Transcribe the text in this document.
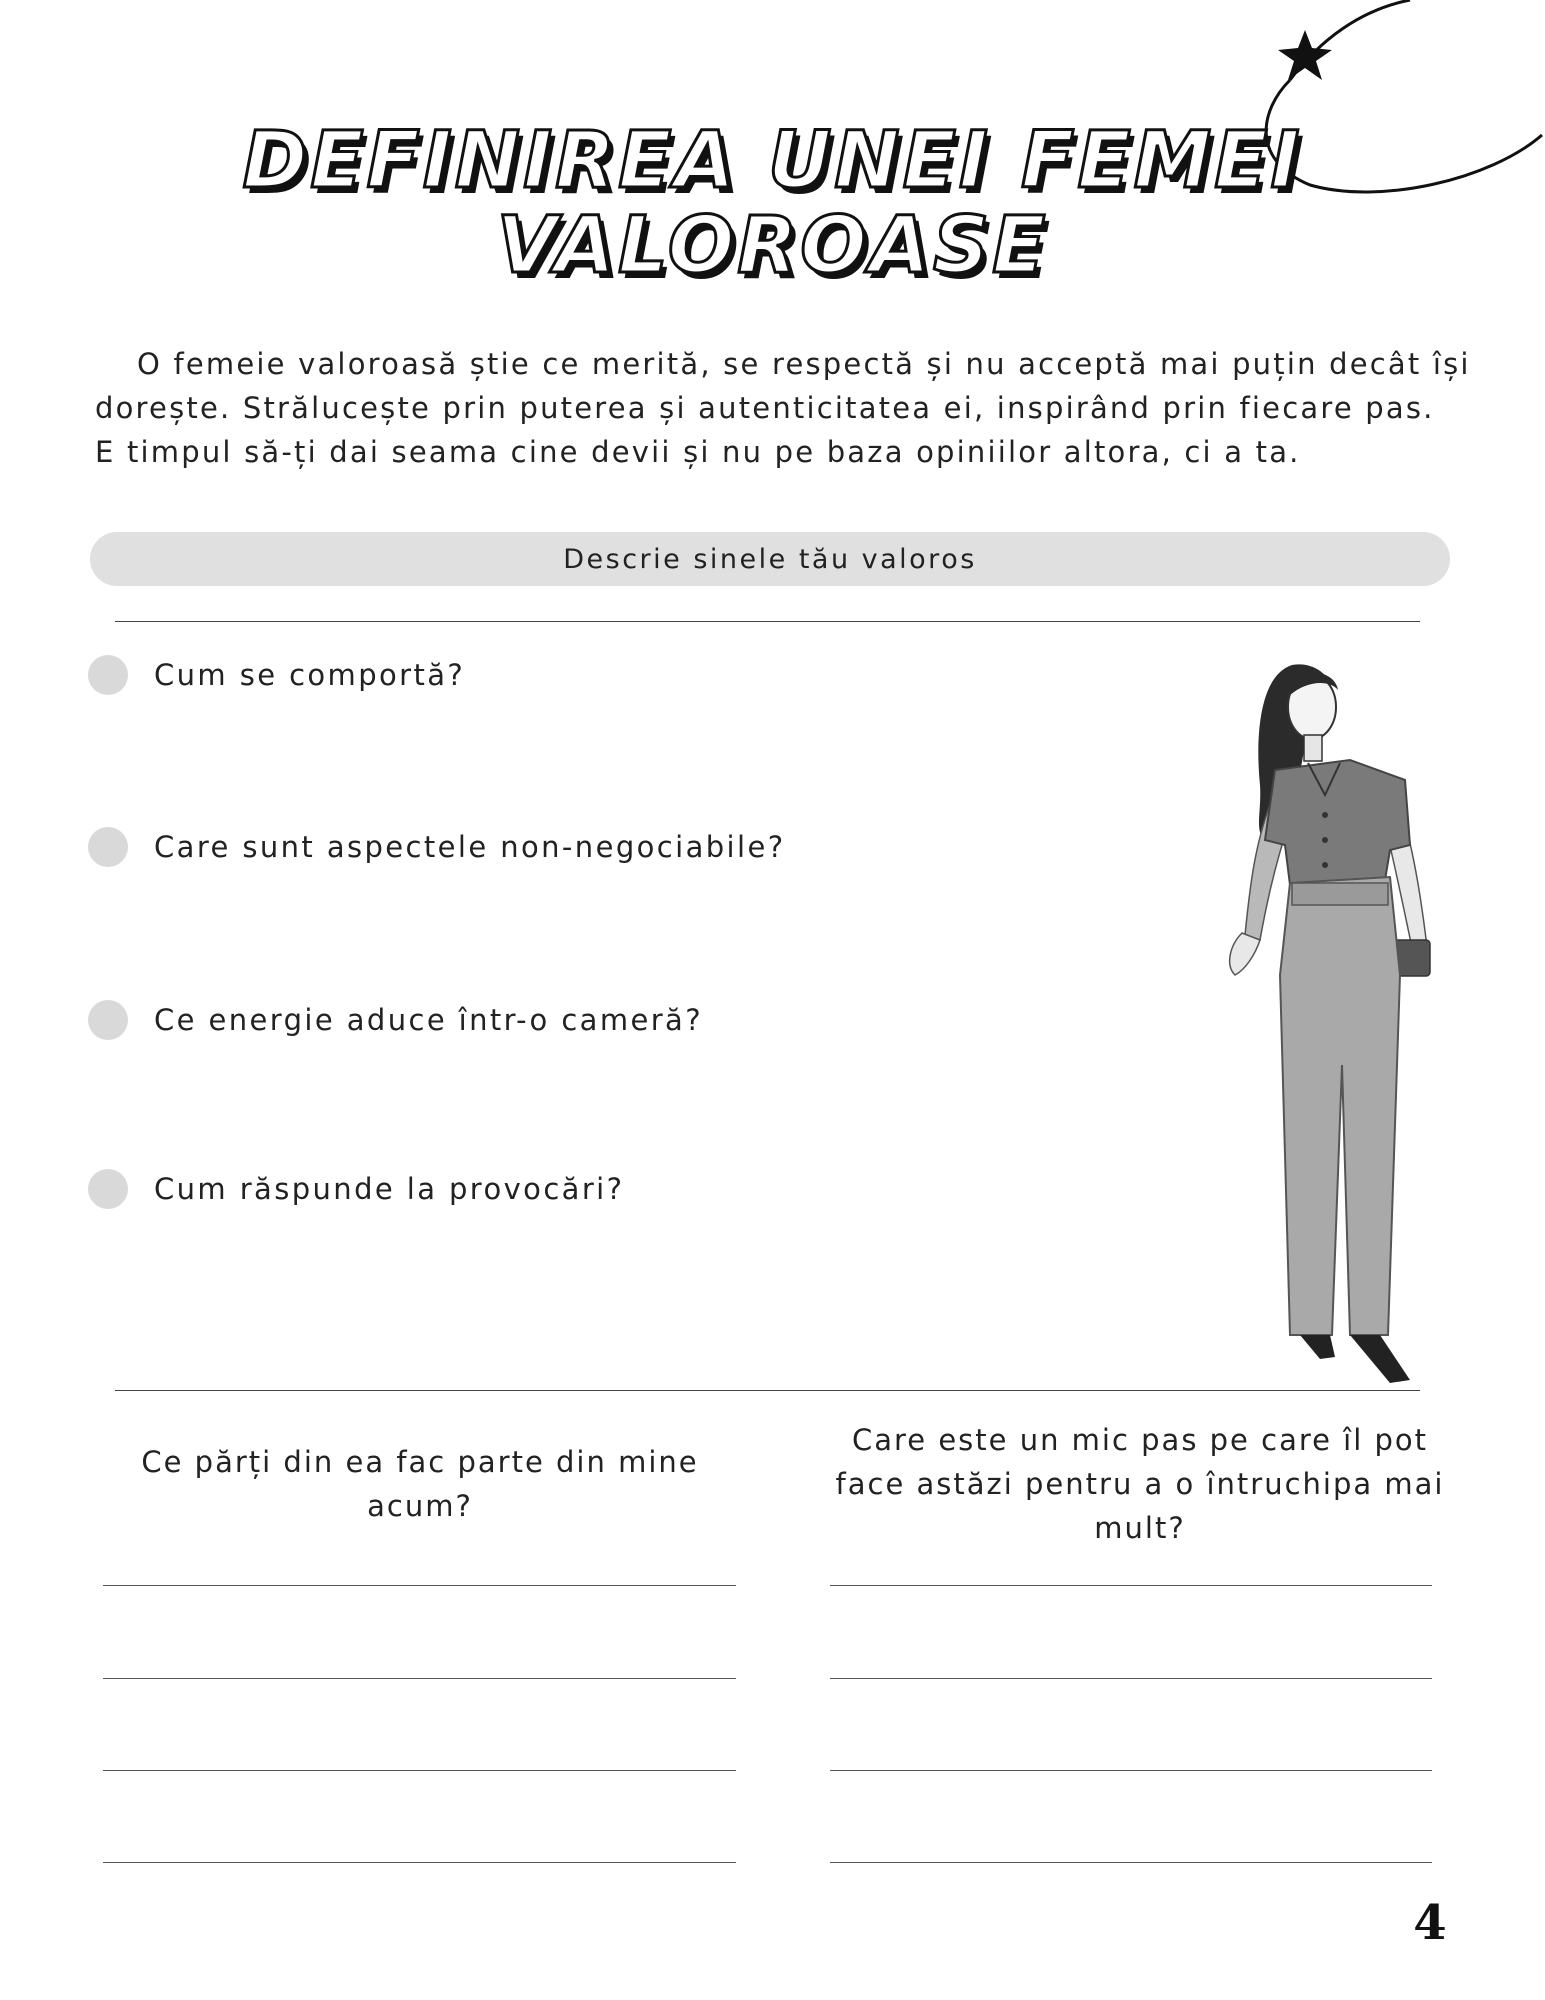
DEFINIREA UNEI FEMEI
VALOROASE

O femeie valoroasă știe ce merită, se respectă și nu acceptă mai puțin decât își

dorește. Strălucește prin puterea și autenticitatea ei, inspirând prin fiecare pas.

E timpul să-ți dai seama cine devii și nu pe baza opiniilor altora, ci a ta.

Descrie sinele tău valoros
Cum se comportă?
Care sunt aspectele non-negociabile?
Ce energie aduce într-o cameră?
Cum răspunde la provocări?
Ce părți din ea fac parte din mine acum?
Care este un mic pas pe care îl pot
face astăzi pentru a o întruchipa mai
mult?
4
